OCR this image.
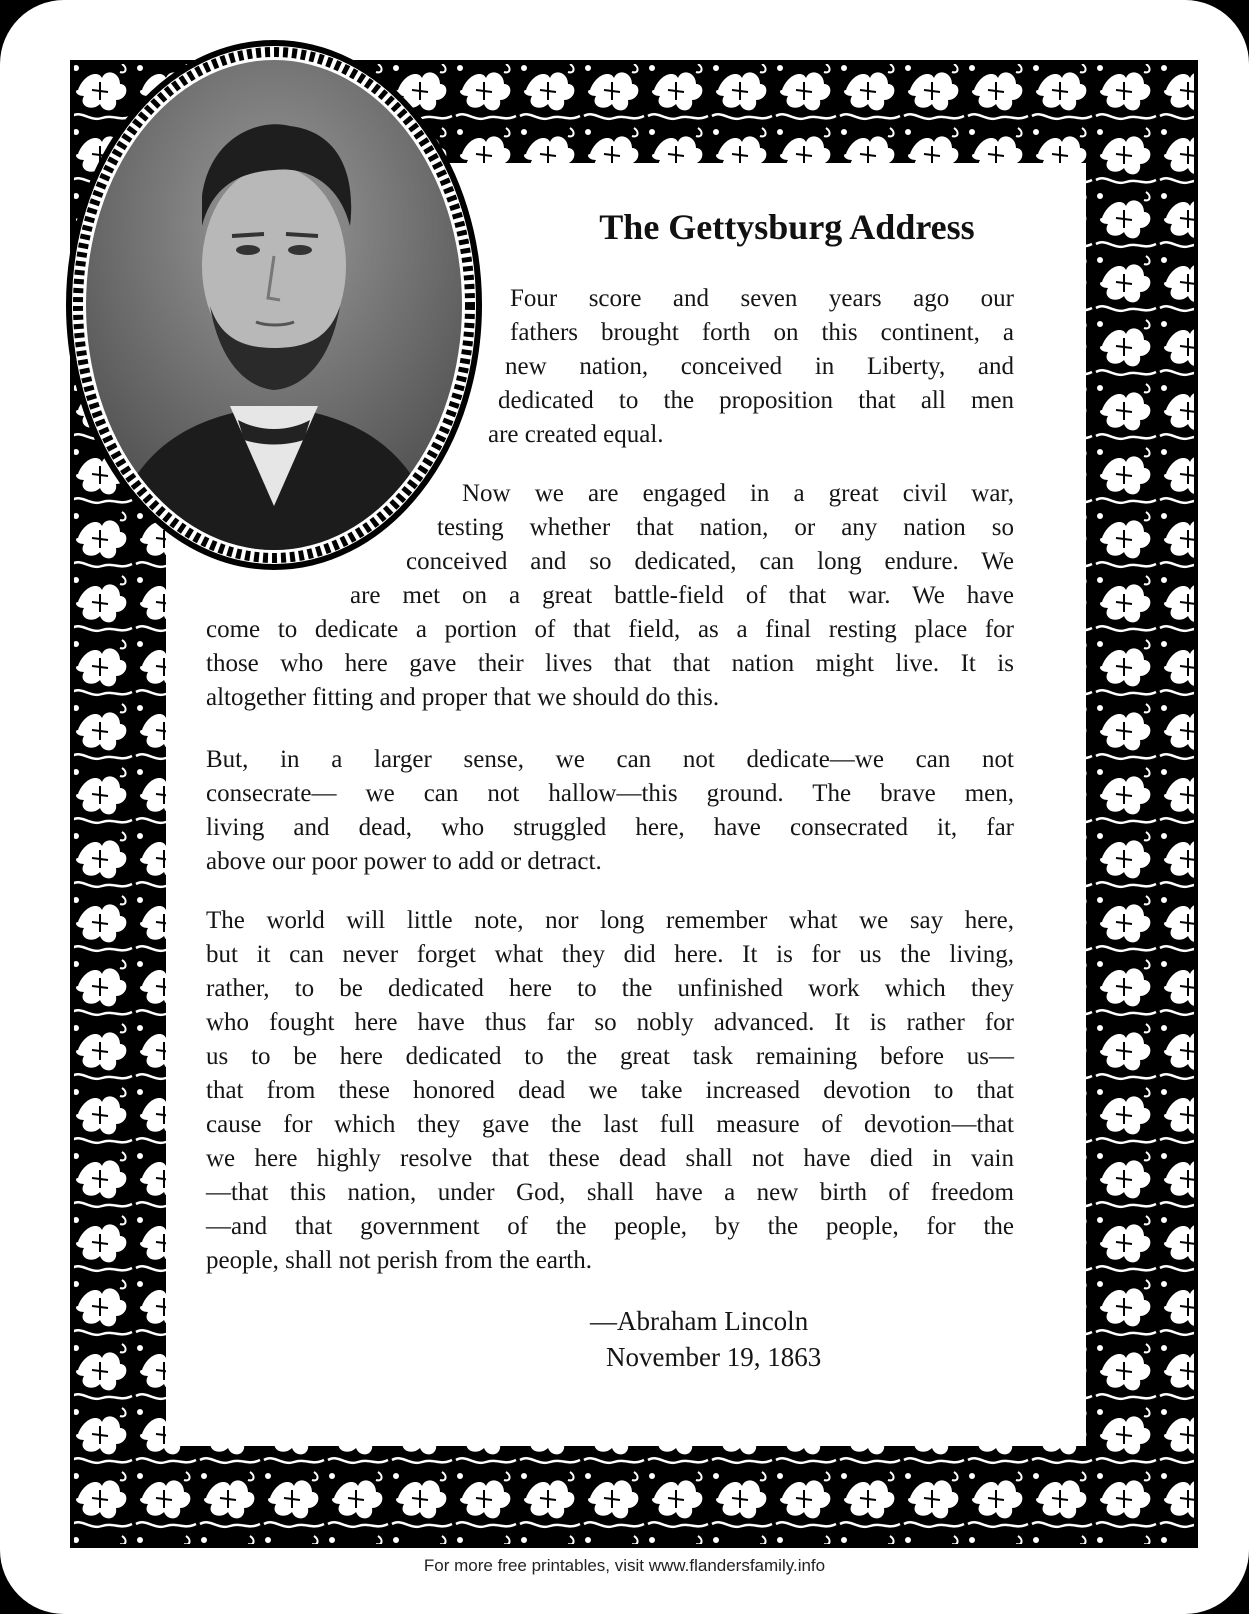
The Gettysburg Address
Four score and seven years ago our
fathers brought forth on this continent, a
new nation, conceived in Liberty, and
dedicated to the proposition that all men
are created equal.
Now we are engaged in a great civil war,
testing whether that nation, or any nation so
conceived and so dedicated, can long endure. We
are met on a great battle-field of that war. We have
come to dedicate a portion of that field, as a final resting place for
those who here gave their lives that that nation might live. It is
altogether fitting and proper that we should do this.
But, in a larger sense, we can not dedicate—we can not
consecrate— we can not hallow—this ground. The brave men,
living and dead, who struggled here, have consecrated it, far
above our poor power to add or detract.
The world will little note, nor long remember what we say here,
but it can never forget what they did here. It is for us the living,
rather, to be dedicated here to the unfinished work which they
who fought here have thus far so nobly advanced. It is rather for
us to be here dedicated to the great task remaining before us—
that from these honored dead we take increased devotion to that
cause for which they gave the last full measure of devotion—that
we here highly resolve that these dead shall not have died in vain
—that this nation, under God, shall have a new birth of freedom
—and that government of the people, by the people, for the
people, shall not perish from the earth.
—Abraham Lincoln
November 19, 1863
For more free printables, visit www.flandersfamily.info
